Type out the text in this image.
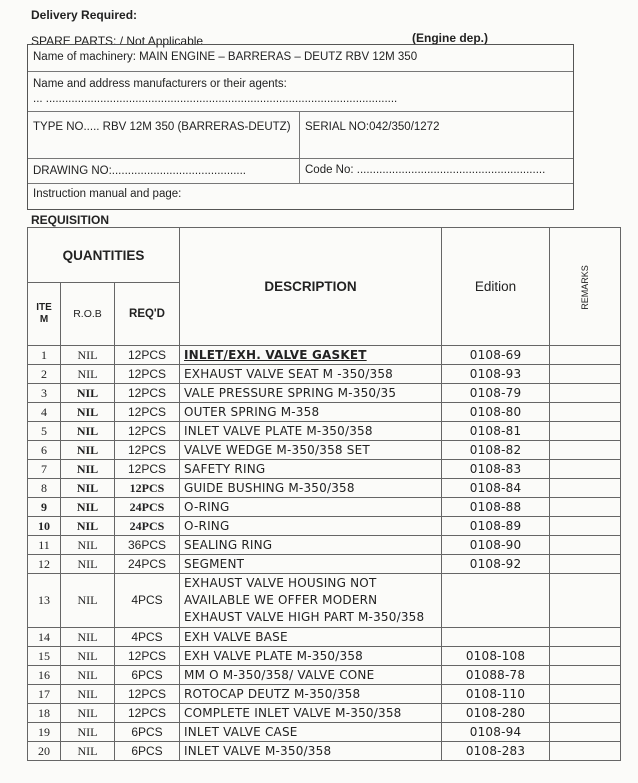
Delivery Required:
SPARE PARTS: / Not Applicable	(Engine dep.)
Name of machinery: MAIN ENGINE – BARRERAS – DEUTZ RBV 12M 350
Name and address manufacturers or their agents:
... ..............................................................................................................
TYPE NO..... RBV 12M 350 (BARRERAS-DEUTZ)	SERIAL NO:042/350/1272
DRAWING NO:..........................................	Code No: ...........................................................
Instruction manual and page:
REQUISITION
QUANTITIES			DESCRIPTION	Edition	REMARKS
ITE M	R.O.B	REQ'D			
1	NIL	12PCS	INLET/EXH. VALVE GASKET	0108-69	
2	NIL	12PCS	EXHAUST VALVE SEAT M -350/358	0108-93	
3	NIL	12PCS	VALE PRESSURE SPRING M-350/35	0108-79	
4	NIL	12PCS	OUTER SPRING M-358	0108-80	
5	NIL	12PCS	INLET VALVE PLATE M-350/358	0108-81	
6	NIL	12PCS	VALVE WEDGE M-350/358 SET	0108-82	
7	NIL	12PCS	SAFETY RING	0108-83	
8	NIL	12PCS	GUIDE BUSHING M-350/358	0108-84	
9	NIL	24PCS	O-RING	0108-88	
10	NIL	24PCS	O-RING	0108-89	
11	NIL	36PCS	SEALING RING	0108-90	
12	NIL	24PCS	SEGMENT	0108-92	
13	NIL	4PCS	EXHAUST VALVE HOUSING NOT AVAILABLE WE OFFER MODERN EXHAUST VALVE HIGH PART M-350/358		
14	NIL	4PCS	EXH VALVE BASE		
15	NIL	12PCS	EXH VALVE PLATE M-350/358	0108-108	
16	NIL	6PCS	MM O M-350/358/ VALVE CONE	01088-78	
17	NIL	12PCS	ROTOCAP DEUTZ M-350/358	0108-110	
18	NIL	12PCS	COMPLETE INLET VALVE M-350/358	0108-280	
19	NIL	6PCS	INLET VALVE CASE	0108-94	
20	NIL	6PCS	INLET VALVE M-350/358	0108-283	
